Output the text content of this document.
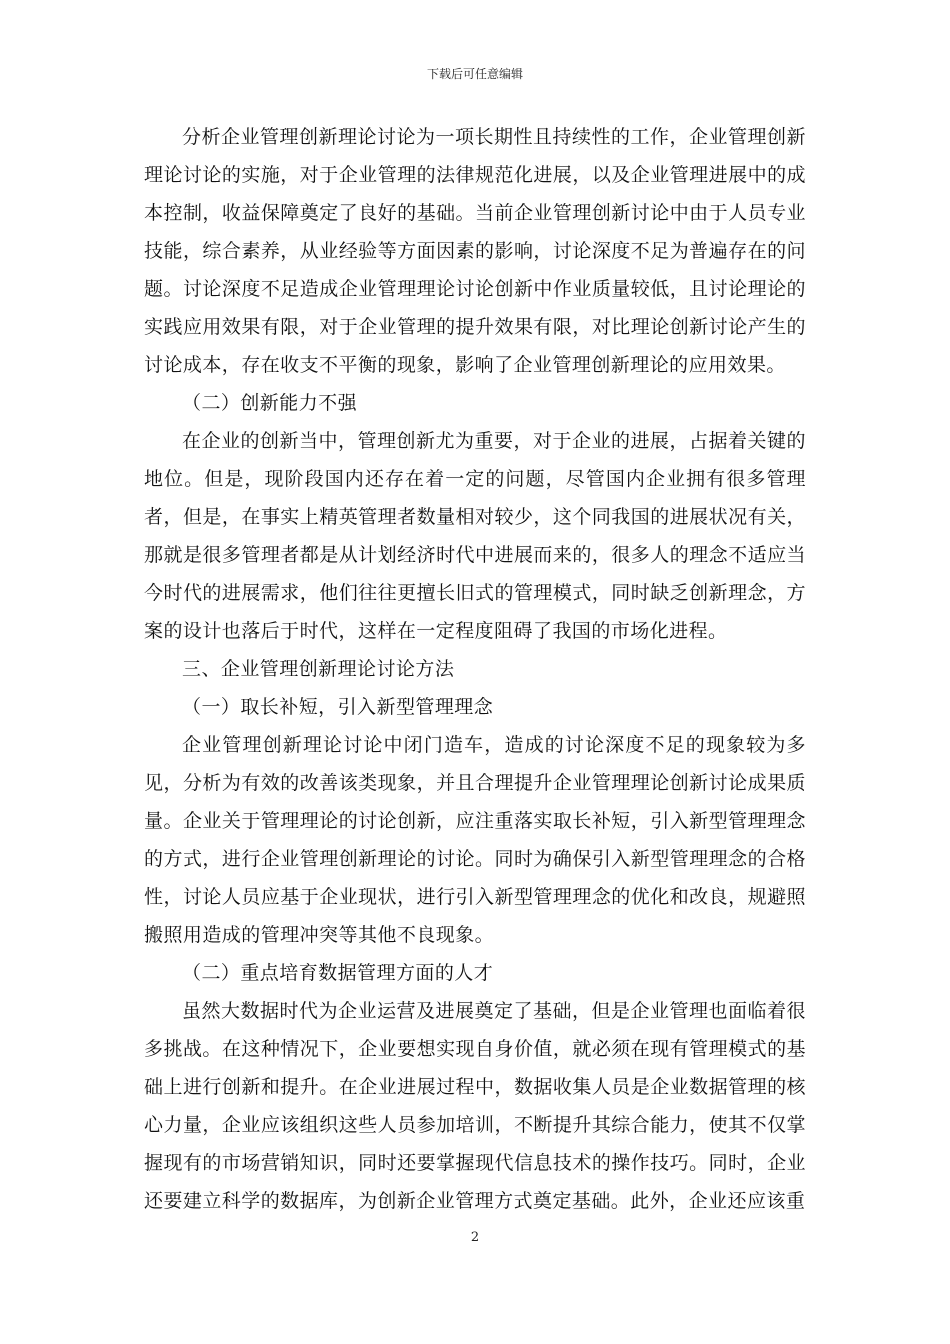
下载后可任意编辑

分析企业管理创新理论讨论为一项长期性且持续性的工作，企业管理创新理论讨论的实施，对于企业管理的法律规范化进展，以及企业管理进展中的成本控制，收益保障奠定了良好的基础。当前企业管理创新讨论中由于人员专业技能，综合素养，从业经验等方面因素的影响，讨论深度不足为普遍存在的问题。讨论深度不足造成企业管理理论讨论创新中作业质量较低，且讨论理论的实践应用效果有限，对于企业管理的提升效果有限，对比理论创新讨论产生的讨论成本，存在收支不平衡的现象，影响了企业管理创新理论的应用效果。

（二）创新能力不强

在企业的创新当中，管理创新尤为重要，对于企业的进展，占据着关键的地位。但是，现阶段国内还存在着一定的问题，尽管国内企业拥有很多管理者，但是，在事实上精英管理者数量相对较少，这个同我国的进展状况有关，那就是很多管理者都是从计划经济时代中进展而来的，很多人的理念不适应当今时代的进展需求，他们往往更擅长旧式的管理模式，同时缺乏创新理念，方案的设计也落后于时代，这样在一定程度阻碍了我国的市场化进程。

三、企业管理创新理论讨论方法

（一）取长补短，引入新型管理理念

企业管理创新理论讨论中闭门造车，造成的讨论深度不足的现象较为多见，分析为有效的改善该类现象，并且合理提升企业管理理论创新讨论成果质量。企业关于管理理论的讨论创新，应注重落实取长补短，引入新型管理理念的方式，进行企业管理创新理论的讨论。同时为确保引入新型管理理念的合格性，讨论人员应基于企业现状，进行引入新型管理理念的优化和改良，规避照搬照用造成的管理冲突等其他不良现象。

（二）重点培育数据管理方面的人才

虽然大数据时代为企业运营及进展奠定了基础，但是企业管理也面临着很多挑战。在这种情况下，企业要想实现自身价值，就必须在现有管理模式的基础上进行创新和提升。在企业进展过程中，数据收集人员是企业数据管理的核心力量，企业应该组织这些人员参加培训，不断提升其综合能力，使其不仅掌握现有的市场营销知识，同时还要掌握现代信息技术的操作技巧。同时，企业还要建立科学的数据库，为创新企业管理方式奠定基础。此外，企业还应该重

2
